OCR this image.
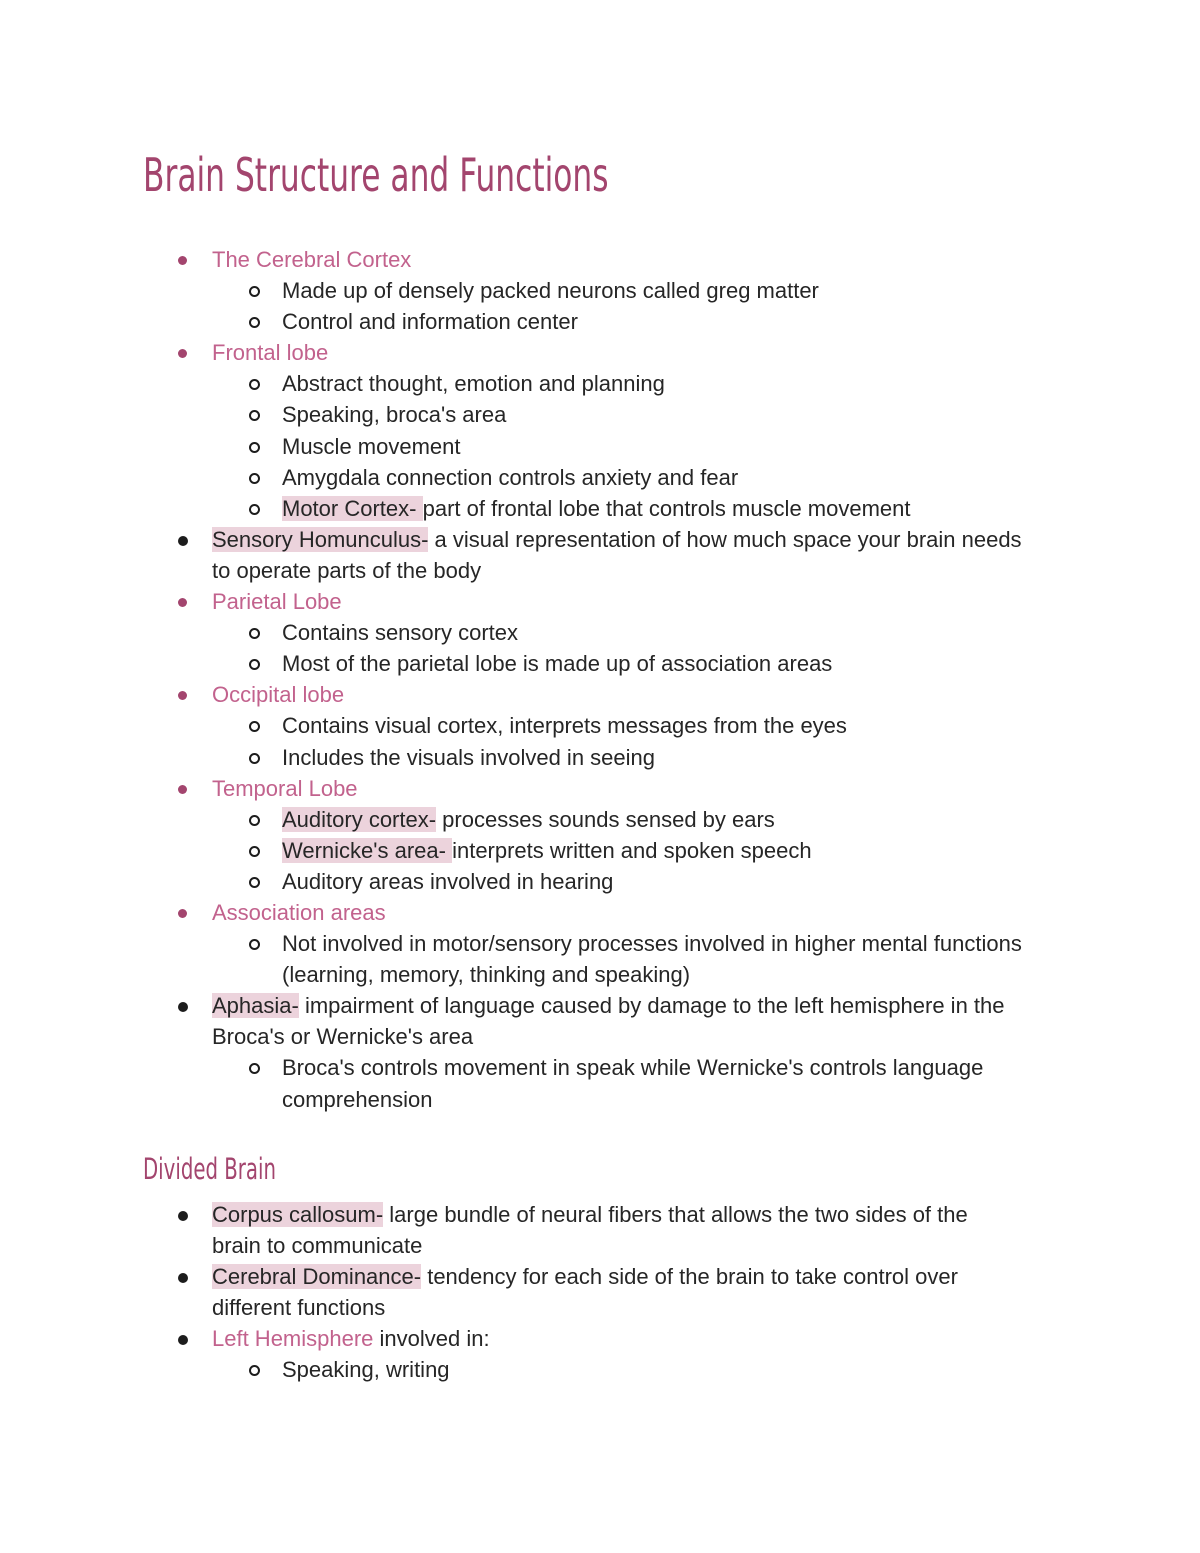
Brain Structure and Functions
The Cerebral Cortex
Made up of densely packed neurons called greg matter
Control and information center
Frontal lobe
Abstract thought, emotion and planning
Speaking, broca's area
Muscle movement
Amygdala connection controls anxiety and fear
Motor Cortex- part of frontal lobe that controls muscle movement
Sensory Homunculus- a visual representation of how much space your brain needs to operate parts of the body
Parietal Lobe
Contains sensory cortex
Most of the parietal lobe is made up of association areas
Occipital lobe
Contains visual cortex, interprets messages from the eyes
Includes the visuals involved in seeing
Temporal Lobe
Auditory cortex- processes sounds sensed by ears
Wernicke's area- interprets written and spoken speech
Auditory areas involved in hearing
Association areas
Not involved in motor/sensory processes involved in higher mental functions (learning, memory, thinking and speaking)
Aphasia- impairment of language caused by damage to the left hemisphere in the Broca's or Wernicke's area
Broca's controls movement in speak while Wernicke's controls language comprehension
Divided Brain
Corpus callosum- large bundle of neural fibers that allows the two sides of the brain to communicate
Cerebral Dominance- tendency for each side of the brain to take control over different functions
Left Hemisphere involved in:
Speaking, writing
